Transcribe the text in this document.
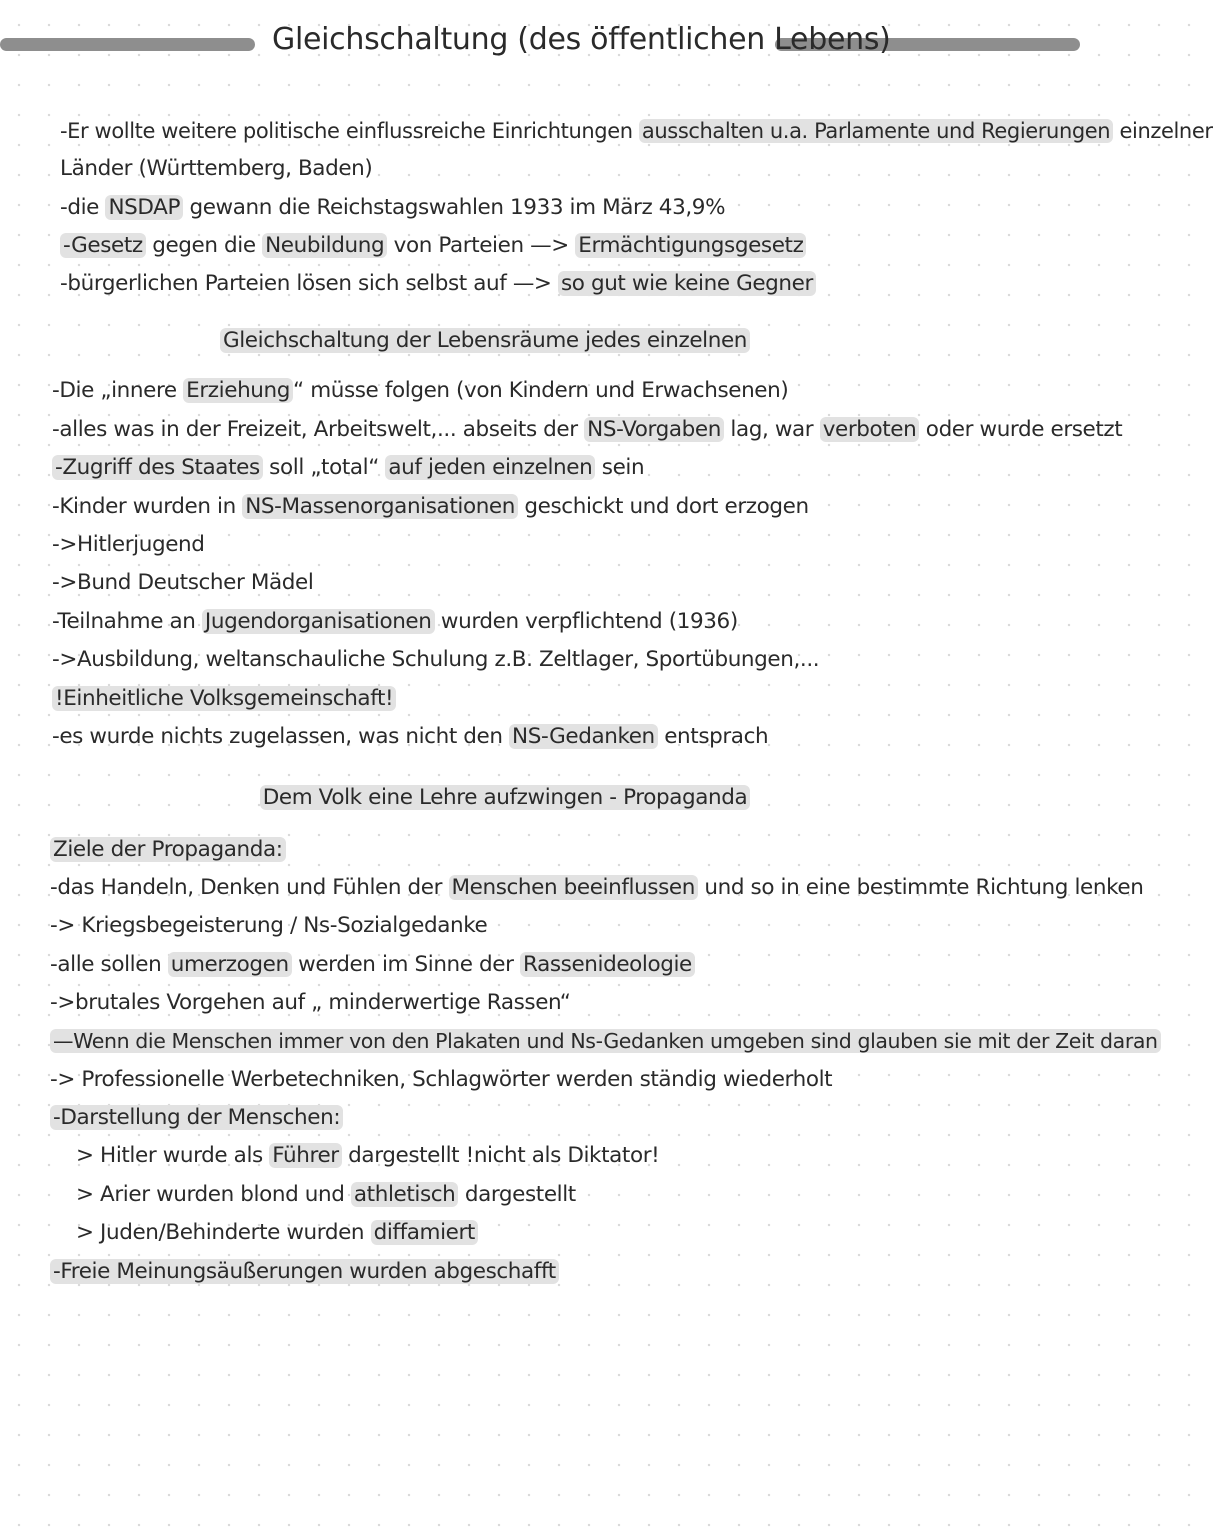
Gleichschaltung (des öffentlichen Lebens)
-Er wollte weitere politische einflussreiche Einrichtungen ausschalten u.a. Parlamente und Regierungen einzelner
Länder (Württemberg, Baden)
-die NSDAP gewann die Reichstagswahlen 1933 im März 43,9%
-Gesetz gegen die Neubildung von Parteien —> Ermächtigungsgesetz
-bürgerlichen Parteien lösen sich selbst auf —> so gut wie keine Gegner
Gleichschaltung der Lebensräume jedes einzelnen
-Die „innere Erziehung “ müsse folgen (von Kindern und Erwachsenen)
-alles was in der Freizeit, Arbeitswelt,... abseits der NS-Vorgaben lag, war verboten oder wurde ersetzt
-Zugriff des Staates soll „total“ auf jeden einzelnen sein
-Kinder wurden in NS-Massenorganisationen geschickt und dort erzogen
->Hitlerjugend
->Bund Deutscher Mädel
-Teilnahme an Jugendorganisationen wurden verpflichtend (1936)
->Ausbildung, weltanschauliche Schulung z.B. Zeltlager, Sportübungen,...
!Einheitliche Volksgemeinschaft!
-es wurde nichts zugelassen, was nicht den NS-Gedanken entsprach
Dem Volk eine Lehre aufzwingen - Propaganda
Ziele der Propaganda:
-das Handeln, Denken und Fühlen der Menschen beeinflussen und so in eine bestimmte Richtung lenken
-> Kriegsbegeisterung / Ns-Sozialgedanke
-alle sollen umerzogen werden im Sinne der Rassenideologie
->brutales Vorgehen auf „ minderwertige Rassen“
—Wenn die Menschen immer von den Plakaten und Ns-Gedanken umgeben sind glauben sie mit der Zeit daran
-> Professionelle Werbetechniken, Schlagwörter werden ständig wiederholt
-Darstellung der Menschen:
> Hitler wurde als Führer dargestellt !nicht als Diktator!
> Arier wurden blond und athletisch dargestellt
> Juden/Behinderte wurden diffamiert
-Freie Meinungsäußerungen wurden abgeschafft
